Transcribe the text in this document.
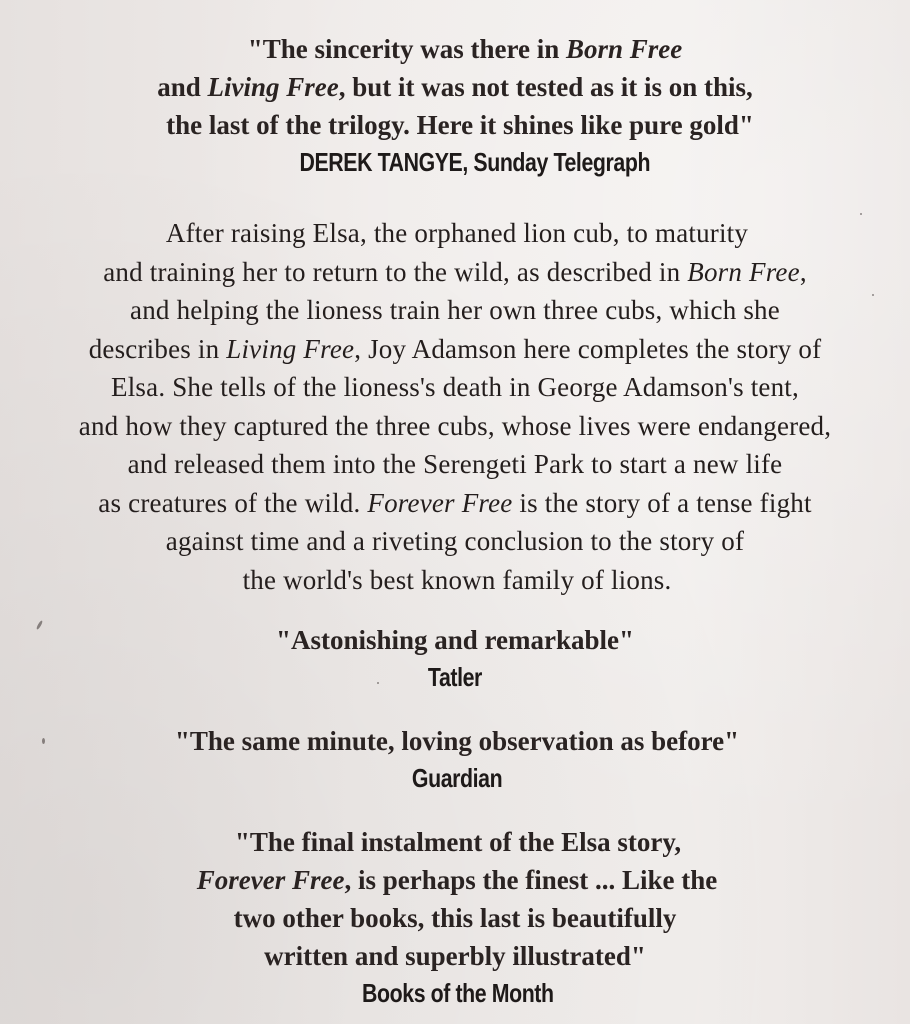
"The sincerity was there in Born Free
and Living Free, but it was not tested as it is on this,
the last of the trilogy. Here it shines like pure gold"
DEREK TANGYE, Sunday Telegraph
After raising Elsa, the orphaned lion cub, to maturity
and training her to return to the wild, as described in Born Free,
and helping the lioness train her own three cubs, which she
describes in Living Free, Joy Adamson here completes the story of
Elsa. She tells of the lioness's death in George Adamson's tent,
and how they captured the three cubs, whose lives were endangered,
and released them into the Serengeti Park to start a new life
as creatures of the wild. Forever Free is the story of a tense fight
against time and a riveting conclusion to the story of
the world's best known family of lions.
"Astonishing and remarkable"
Tatler
"The same minute, loving observation as before"
Guardian
"The final instalment of the Elsa story,
Forever Free, is perhaps the finest ... Like the
two other books, this last is beautifully
written and superbly illustrated"
Books of the Month
